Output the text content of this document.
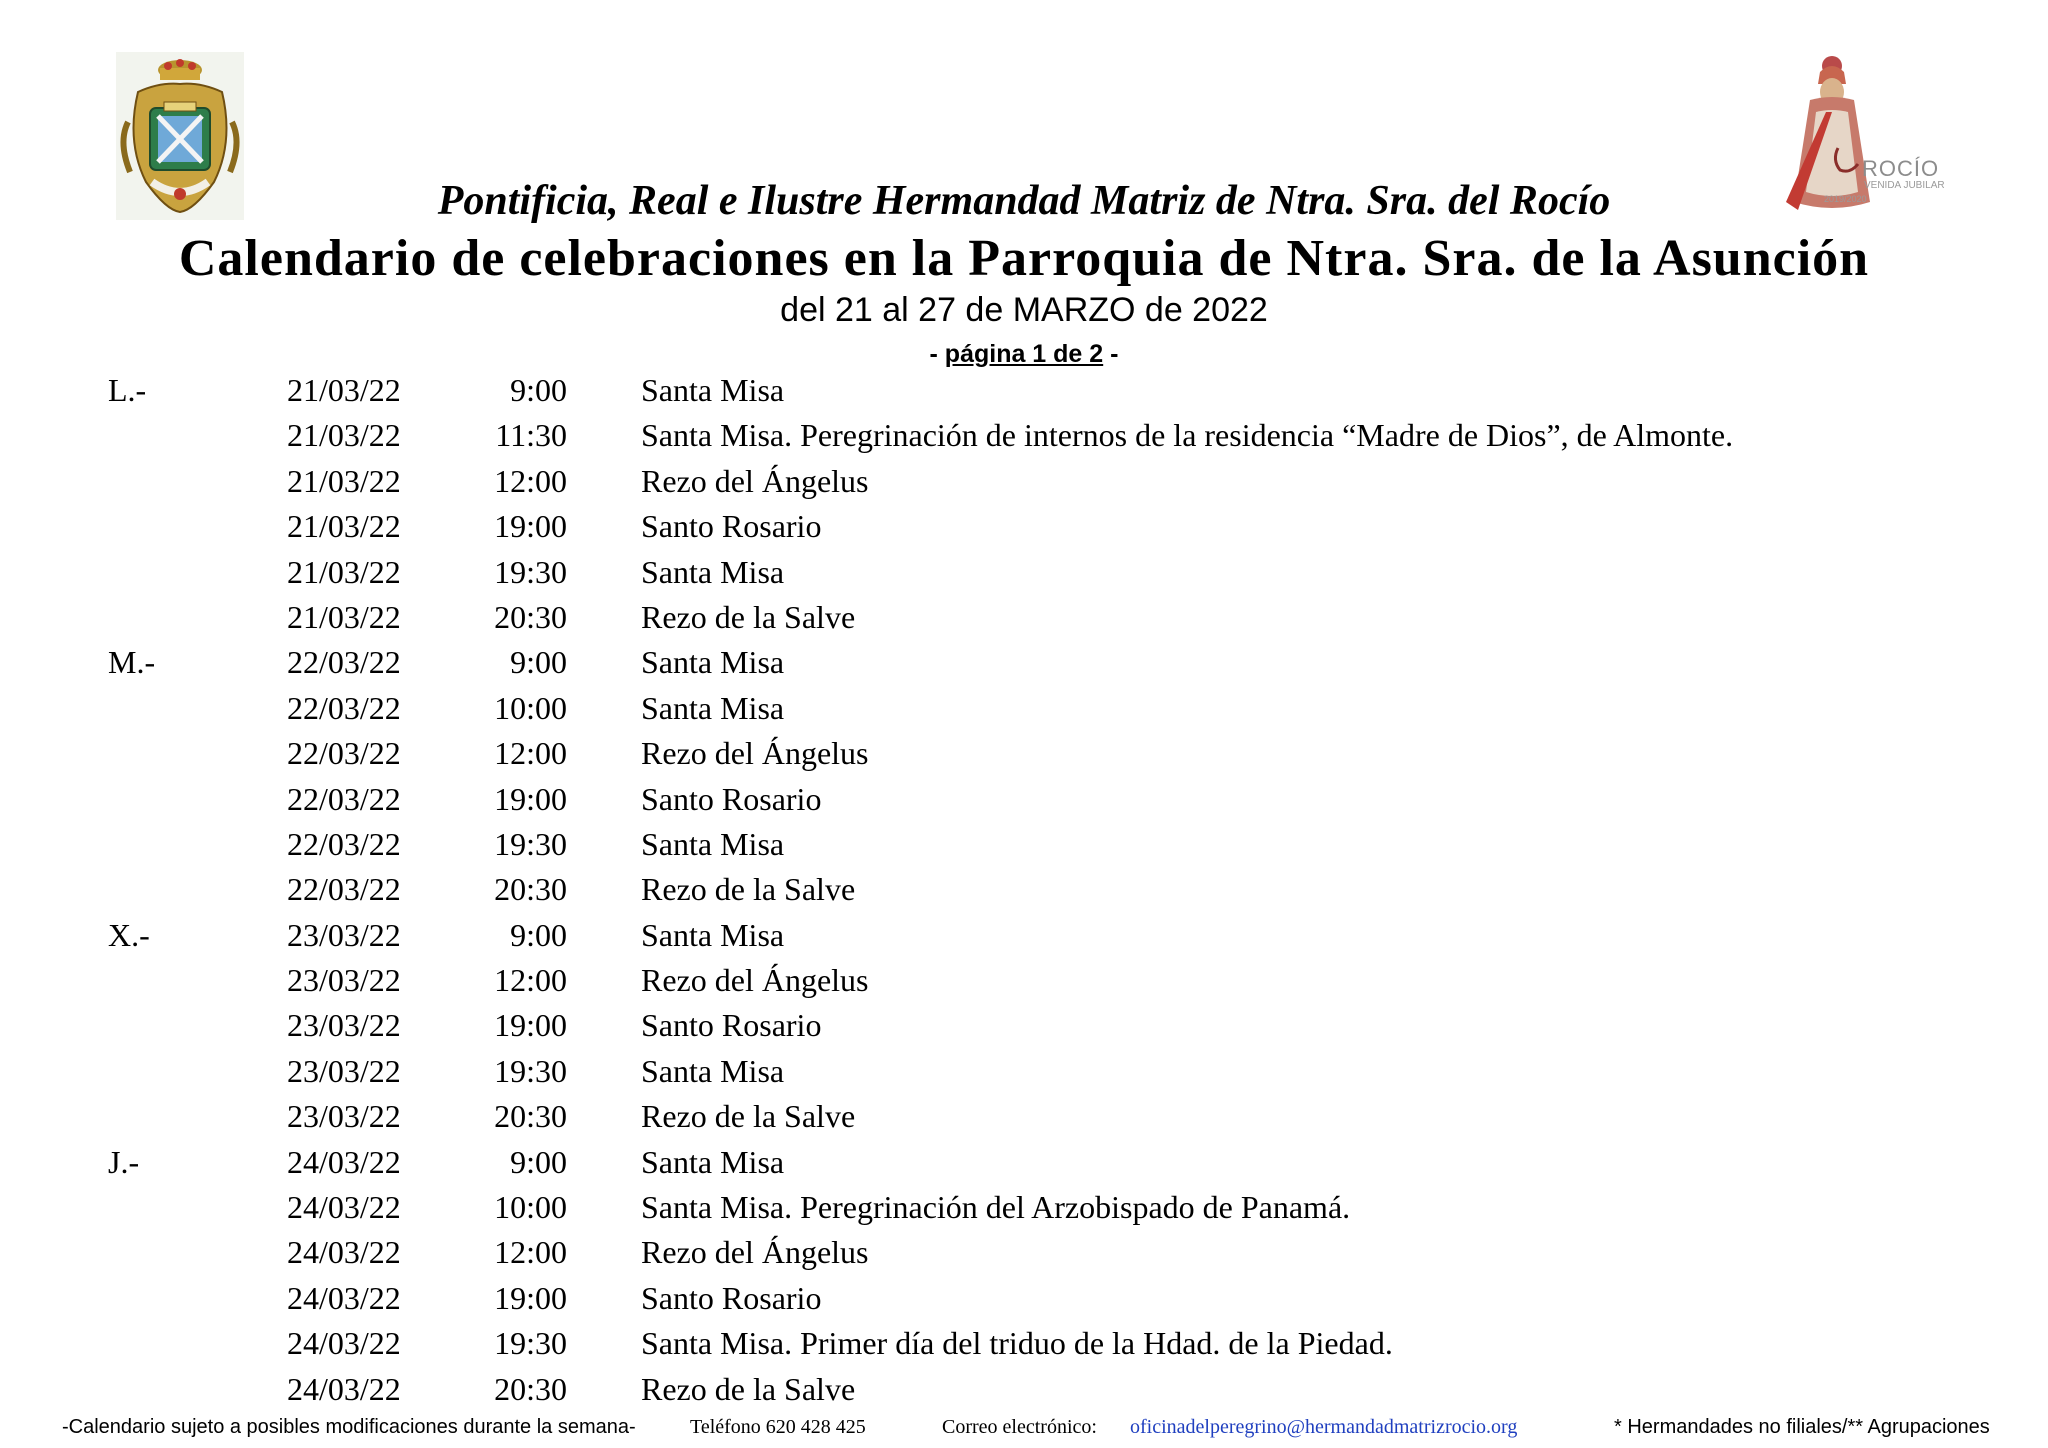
ROCÍO
VENIDA JUBILAR
2019/2020
Pontificia, Real e Ilustre Hermandad Matriz de Ntra. Sra. del Rocío
Calendario de celebraciones en la Parroquia de Ntra. Sra. de la Asunción
del 21 al 27 de MARZO de 2022
- página 1 de 2 -
L.-	21/03/22	9:00 Santa Misa
21/03/22	11:30 Santa Misa. Peregrinación de internos de la residencia “Madre de Dios”, de Almonte.
21/03/22	12:00 Rezo del Ángelus
21/03/22	19:00 Santo Rosario
21/03/22	19:30 Santa Misa
21/03/22	20:30 Rezo de la Salve
M.-	22/03/22	9:00 Santa Misa
22/03/22	10:00 Santa Misa
22/03/22	12:00 Rezo del Ángelus
22/03/22	19:00 Santo Rosario
22/03/22	19:30 Santa Misa
22/03/22	20:30 Rezo de la Salve
X.-	23/03/22	9:00 Santa Misa
23/03/22	12:00 Rezo del Ángelus
23/03/22	19:00 Santo Rosario
23/03/22	19:30 Santa Misa
23/03/22	20:30 Rezo de la Salve
J.-	24/03/22	9:00 Santa Misa
24/03/22	10:00 Santa Misa. Peregrinación del Arzobispado de Panamá.
24/03/22	12:00 Rezo del Ángelus
24/03/22	19:00 Santo Rosario
24/03/22	19:30 Santa Misa. Primer día del triduo de la Hdad. de la Piedad.
24/03/22	20:30 Rezo de la Salve
-Calendario sujeto a posibles modificaciones durante la semana-	Teléfono 620 428 425	Correo electrónico: oficinadelperegrino@hermandadmatrizrocio.org	* Hermandades no filiales/** Agrupaciones
